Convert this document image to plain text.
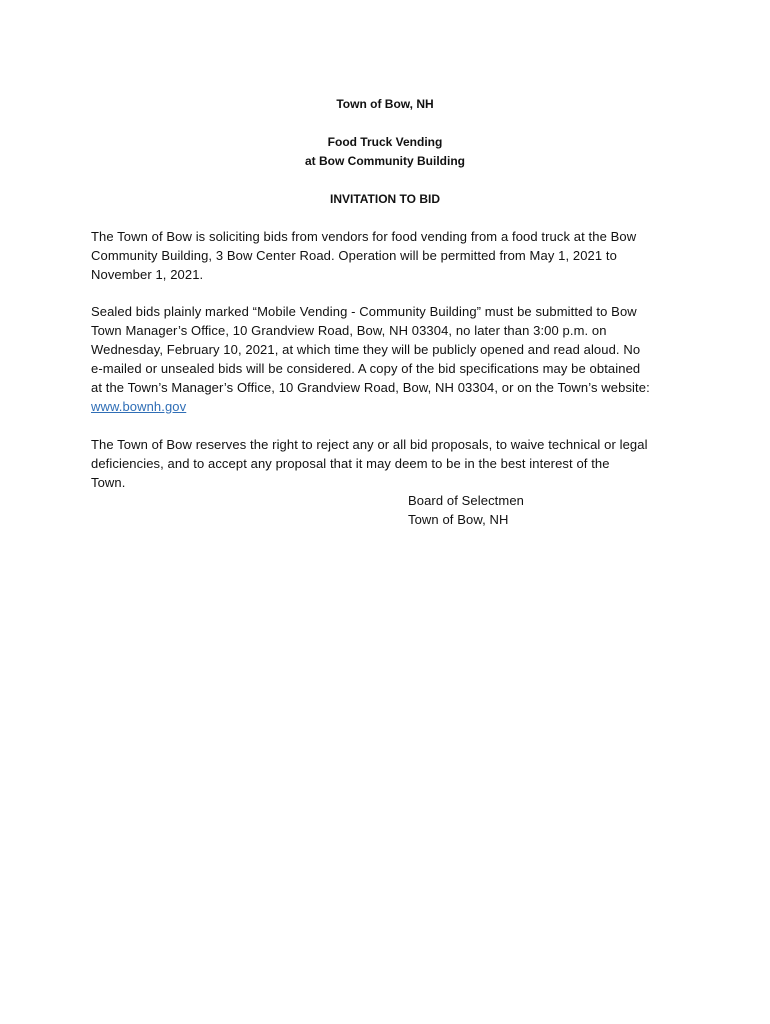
Town of Bow, NH
Food Truck Vending
at Bow Community Building
INVITATION TO BID
The Town of Bow is soliciting bids from vendors for food vending from a food truck at the Bow
Community Building, 3 Bow Center Road. Operation will be permitted from May 1, 2021 to
November 1, 2021.
Sealed bids plainly marked “Mobile Vending - Community Building” must be submitted to Bow
Town Manager’s Office, 10 Grandview Road, Bow, NH 03304, no later than 3:00 p.m. on
Wednesday, February 10, 2021, at which time they will be publicly opened and read aloud. No
e-mailed or unsealed bids will be considered. A copy of the bid specifications may be obtained
at the Town’s Manager’s Office, 10 Grandview Road, Bow, NH 03304, or on the Town’s website:
www.bownh.gov
The Town of Bow reserves the right to reject any or all bid proposals, to waive technical or legal
deficiencies, and to accept any proposal that it may deem to be in the best interest of the
Town.
Board of Selectmen
Town of Bow, NH
